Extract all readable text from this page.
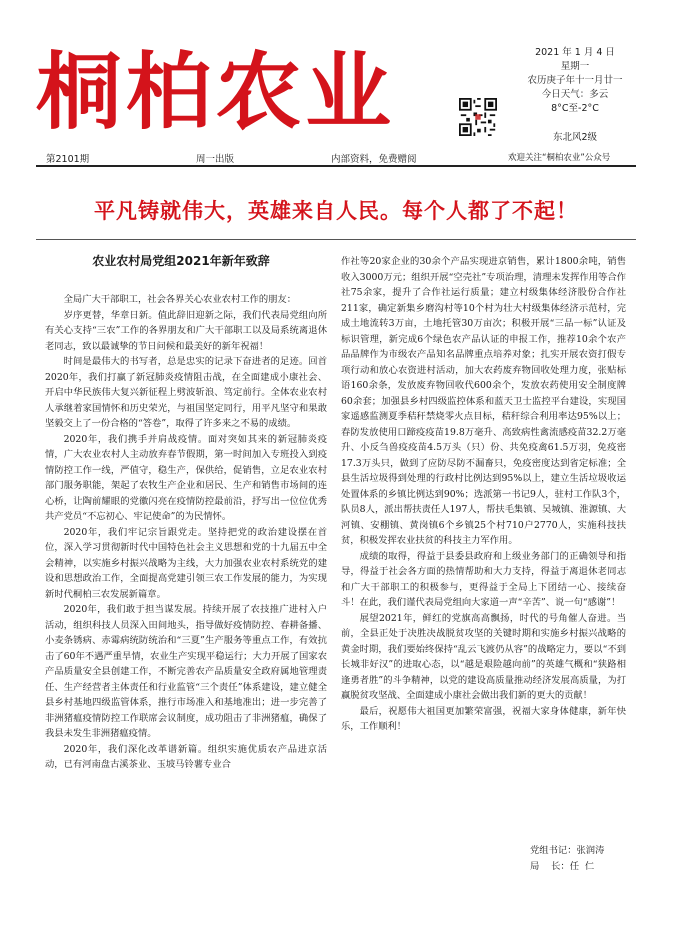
桐柏农业	2021 年 1 月 4 日
星期一
农历庚子年十一月廿一
今日天气：多云
8°C至-2°C
东北风2级
欢迎关注“桐柏农业”公众号
第2101期	周一出版	内部资料，免费赠阅
平凡铸就伟大，英雄来自人民。每个人都了不起！
农业农村局党组2021年新年致辞

全局广大干部职工，社会各界关心农业农村工作的朋友：

岁序更替，华章日新。值此辞旧迎新之际，我们代表局党组向所有关心支持“三农”工作的各界朋友和广大干部职工以及局系统离退休老同志，致以最诚挚的节日问候和最美好的新年祝福！

时间是最伟大的书写者，总是忠实的记录下奋进者的足迹。回首2020年，我们打赢了新冠肺炎疫情阻击战，在全面建成小康社会、开启中华民族伟大复兴新征程上劈波斩浪、笃定前行。全体农业农村人承继着家国情怀和历史荣光，与祖国坚定同行，用平凡坚守和果敢坚毅交上了一份合格的“答卷”，取得了许多来之不易的成绩。

2020年，我们携手并肩战疫情。面对突如其来的新冠肺炎疫情，广大农业农村人主动放弃春节假期，第一时间加入专班投入到疫情防控工作一线，严值守，稳生产，保供给，促销售，立足农业农村部门服务职能，架起了农牧生产企业和居民、生产和销售市场间的连心桥，让陶前耀眼的党徽闪亮在疫情防控最前沿，抒写出一位位优秀共产党员“不忘初心、牢记使命”的为民情怀。

2020年，我们牢记宗旨跟党走。坚持把党的政治建设摆在首位，深入学习贯彻新时代中国特色社会主义思想和党的十九届五中全会精神，以实施乡村振兴战略为主线，大力加强农业农村系统党的建设和思想政治工作，全面提高党建引领三农工作发展的能力，为实现新时代桐柏三农发展新篇章。

2020年，我们敢于担当谋发展。持续开展了农技推广进村入户活动，组织科技人员深入田间地头，指导做好疫情防控、春耕备播、小麦条锈病、赤霉病统防统治和“三夏”生产服务等重点工作，有效抗击了60年不遇严重旱情，农业生产实现平稳运行；大力开展了国家农产品质量安全县创建工作，不断完善农产品质量安全政府属地管理责任、生产经营者主体责任和行业监管“三个责任”体系建设，建立健全县乡村基地四级监管体系，推行市场准入和基地准出；进一步完善了非洲猪瘟疫情防控工作联席会议制度，成功阻击了非洲猪瘟，确保了我县未发生非洲猪瘟疫情。

2020年，我们深化改革谱新篇。组织实施优质农产品进京活动，已有河南盘古溪茶业、玉坡马铃薯专业合

作社等20家企业的30余个产品实现进京销售，累计1800余吨，销售收入3000万元；组织开展“空壳社”专项治理，清理未发挥作用等合作社75余家，提升了合作社运行质量；建立村级集体经济股份合作社211家，确定新集乡磨沟村等10个村为壮大村级集体经济示范村，完成土地流转3万亩，土地托管30万亩次；积极开展“三品一标”认证及标识管理，新完成6个绿色农产品认证的申报工作，推荐10余个农产品品牌作为市级农产品知名品牌重点培养对象；扎实开展农资打假专项行动和放心农资进村活动，加大农药废弃物回收处理力度，张贴标语160余条，发放废弃物回收代600余个，发放农药使用安全制度牌60余套；加强县乡村四级监控体系和蓝天卫士监控平台建设，实现国家遥感监测夏季秸秆禁烧零火点目标，秸秆综合利用率达95%以上；春防发放使用口蹄疫疫苗19.8万毫升、高致病性禽流感疫苗32.2万毫升、小反刍兽疫疫苗4.5万头（只）份、共免疫禽61.5万羽，免疫密17.3万头只，做到了应防尽防不漏畜只，免疫密度达到省定标准；全县生活垃圾得到处理的行政村比例达到95%以上，建立生活垃圾收运处置体系的乡镇比例达到90%；选派第一书记9人，驻村工作队3个，队员8人，派出帮扶责任人197人，帮扶毛集镇、吴城镇、淮源镇、大河镇、安棚镇、黄岗镇6个乡镇25个村710户2770人，实施科技扶贫，积极发挥农业扶贫的科技主力军作用。

成绩的取得，得益于县委县政府和上级业务部门的正确领导和指导，得益于社会各方面的热情帮助和大力支持，得益于离退休老同志和广大干部职工的积极参与，更得益于全局上下团结一心、接续奋斗！在此，我们谨代表局党组向大家道一声“辛苦”、说一句“感谢”！

展望2021年，鲜红的党旗高高飘扬，时代的号角催人奋进。当前，全县正处于决胜决战脱贫攻坚的关键时期和实施乡村振兴战略的黄金时期，我们要始终保持“乱云飞渡仍从容”的战略定力，要以“不到长城非好汉”的进取心态，以“越是艰险越向前”的英雄气概和“狭路相逢勇者胜”的斗争精神，以党的建设高质量推动经济发展高质量，为打赢脱贫攻坚战、全面建成小康社会做出我们新的更大的贡献！

最后，祝愿伟大祖国更加繁荣富强，祝福大家身体健康，新年快乐，工作顺利！

党组书记：张润涛
局    长：任  仁
